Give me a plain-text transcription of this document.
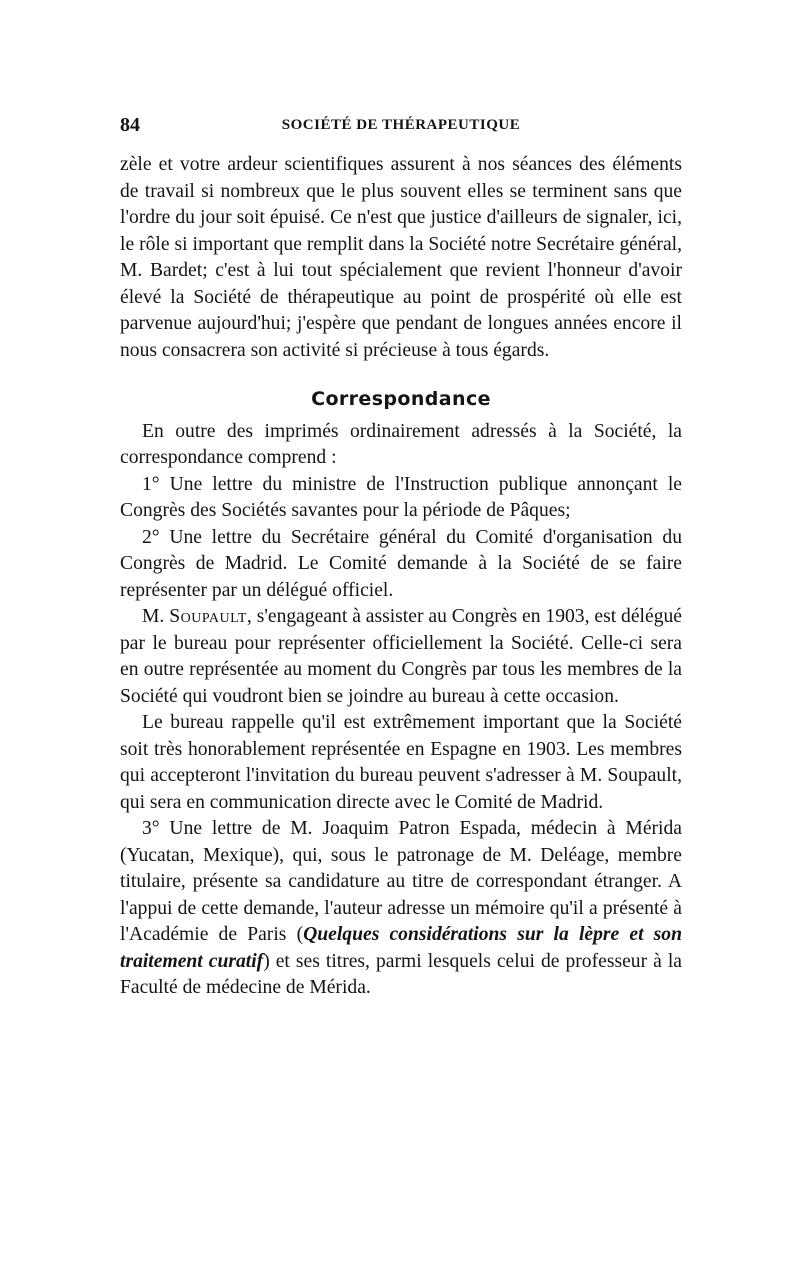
84	SOCIÉTÉ DE THÉRAPEUTIQUE

zèle et votre ardeur scientifiques assurent à nos séances des éléments de travail si nombreux que le plus souvent elles se terminent sans que l'ordre du jour soit épuisé. Ce n'est que justice d'ailleurs de signaler, ici, le rôle si important que remplit dans la Société notre Secrétaire général, M. Bardet; c'est à lui tout spécialement que revient l'honneur d'avoir élevé la Société de thérapeutique au point de prospérité où elle est parvenue aujourd'hui; j'espère que pendant de longues années encore il nous consacrera son activité si précieuse à tous égards.

Correspondance

En outre des imprimés ordinairement adressés à la Société, la correspondance comprend :

1° Une lettre du ministre de l'Instruction publique annonçant le Congrès des Sociétés savantes pour la période de Pâques;

2° Une lettre du Secrétaire général du Comité d'organisation du Congrès de Madrid. Le Comité demande à la Société de se faire représenter par un délégué officiel.

M. Soupault, s'engageant à assister au Congrès en 1903, est délégué par le bureau pour représenter officiellement la Société. Celle-ci sera en outre représentée au moment du Congrès par tous les membres de la Société qui voudront bien se joindre au bureau à cette occasion.

Le bureau rappelle qu'il est extrêmement important que la Société soit très honorablement représentée en Espagne en 1903. Les membres qui accepteront l'invitation du bureau peuvent s'adresser à M. Soupault, qui sera en communication directe avec le Comité de Madrid.

3° Une lettre de M. Joaquim Patron Espada, médecin à Mérida (Yucatan, Mexique), qui, sous le patronage de M. Deléage, membre titulaire, présente sa candidature au titre de correspondant étranger. A l'appui de cette demande, l'auteur adresse un mémoire qu'il a présenté à l'Académie de Paris (Quelques considérations sur la lèpre et son traitement curatif) et ses titres, parmi lesquels celui de professeur à la Faculté de médecine de Mérida.
